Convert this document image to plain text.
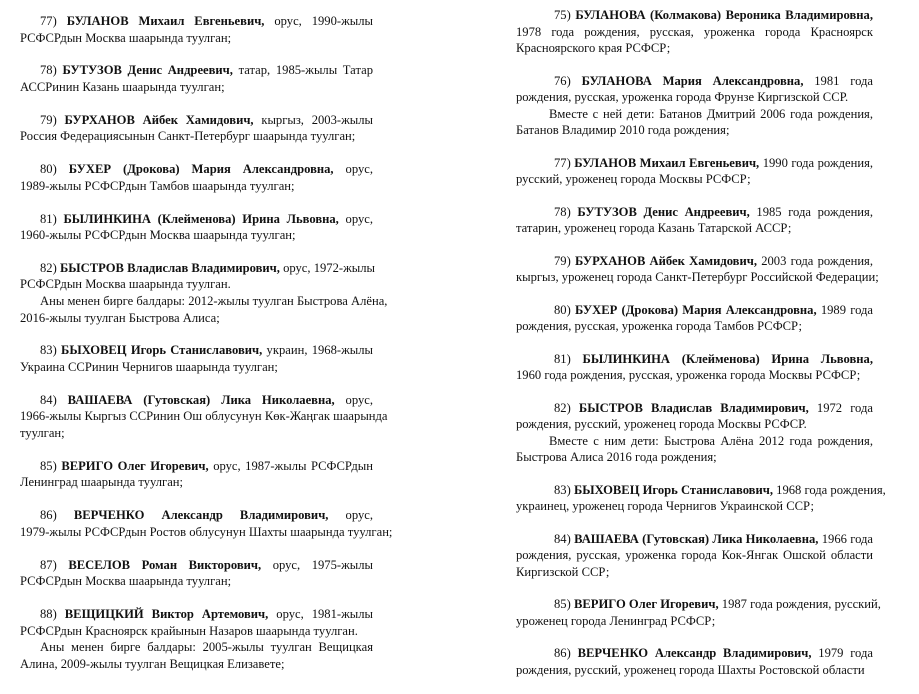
77) БУЛАНОВ Михаил Евгеньевич, орус, 1990-жылы
РСФСРдын Москва шаарында туулган;
78) БУТУЗОВ Денис Андреевич, татар, 1985-жылы Татар
АССРинин Казань шаарында туулган;
79) БУРХАНОВ Айбек Хамидович, кыргыз, 2003-жылы
Россия Федерациясынын Санкт-Петербург шаарында туулган;
80) БУХЕР (Дрокова) Мария Александровна, орус,
1989-жылы РСФСРдын Тамбов шаарында туулган;
81) БЫЛИНКИНА (Клейменова) Ирина Львовна, орус,
1960-жылы РСФСРдын Москва шаарында туулган;
82) БЫСТРОВ Владислав Владимирович, орус, 1972-жылы
РСФСРдын Москва шаарында туулган.
Аны менен бирге балдары: 2012-жылы туулган Быстрова Алёна,
2016-жылы туулган Быстрова Алиса;
83) БЫХОВЕЦ Игорь Станиславович, украин, 1968-жылы
Украина ССРинин Чернигов шаарында туулган;
84) ВАШАЕВА (Гутовская) Лика Николаевна, орус,
1966-жылы Кыргыз ССРинин Ош облусунун Көк-Жаңгак шаарында
туулган;
85) ВЕРИГО Олег Игоревич, орус, 1987-жылы РСФСРдын
Ленинград шаарында туулган;
86) ВЕРЧЕНКО Александр Владимирович, орус,
1979-жылы РСФСРдын Ростов облусунун Шахты шаарында туулган;
87) ВЕСЕЛОВ Роман Викторович, орус, 1975-жылы
РСФСРдын Москва шаарында туулган;
88) ВЕЩИЦКИЙ Виктор Артемович, орус, 1981-жылы
РСФСРдын Красноярск крайынын Назаров шаарында туулган.
Аны менен бирге балдары: 2005-жылы туулган Вещицкая
Алина, 2009-жылы туулган Вещицкая Елизавете;
75) БУЛАНОВА (Колмакова) Вероника Владимировна,
1978 года рождения, русская, уроженка города Красноярск
Красноярского края РСФСР;
76) БУЛАНОВА Мария Александровна, 1981 года
рождения, русская, уроженка города Фрунзе Киргизской ССР.
Вместе с ней дети: Батанов Дмитрий 2006 года рождения,
Батанов Владимир 2010 года рождения;
77) БУЛАНОВ Михаил Евгеньевич, 1990 года рождения,
русский, уроженец города Москвы РСФСР;
78) БУТУЗОВ Денис Андреевич, 1985 года рождения,
татарин, уроженец города Казань Татарской АССР;
79) БУРХАНОВ Айбек Хамидович, 2003 года рождения,
кыргыз, уроженец города Санкт-Петербург Российской Федерации;
80) БУХЕР (Дрокова) Мария Александровна, 1989 года
рождения, русская, уроженка города Тамбов РСФСР;
81) БЫЛИНКИНА (Клейменова) Ирина Львовна,
1960 года рождения, русская, уроженка города Москвы РСФСР;
82) БЫСТРОВ Владислав Владимирович, 1972 года
рождения, русский, уроженец города Москвы РСФСР.
Вместе с ним дети: Быстрова Алёна 2012 года рождения,
Быстрова Алиса 2016 года рождения;
83) БЫХОВЕЦ Игорь Станиславович, 1968 года рождения,
украинец, уроженец города Чернигов Украинской ССР;
84) ВАШАЕВА (Гутовская) Лика Николаевна, 1966 года
рождения, русская, уроженка города Кок-Янгак Ошской области
Киргизской ССР;
85) ВЕРИГО Олег Игоревич, 1987 года рождения, русский,
уроженец города Ленинград РСФСР;
86) ВЕРЧЕНКО Александр Владимирович, 1979 года
рождения, русский, уроженец города Шахты Ростовской области
